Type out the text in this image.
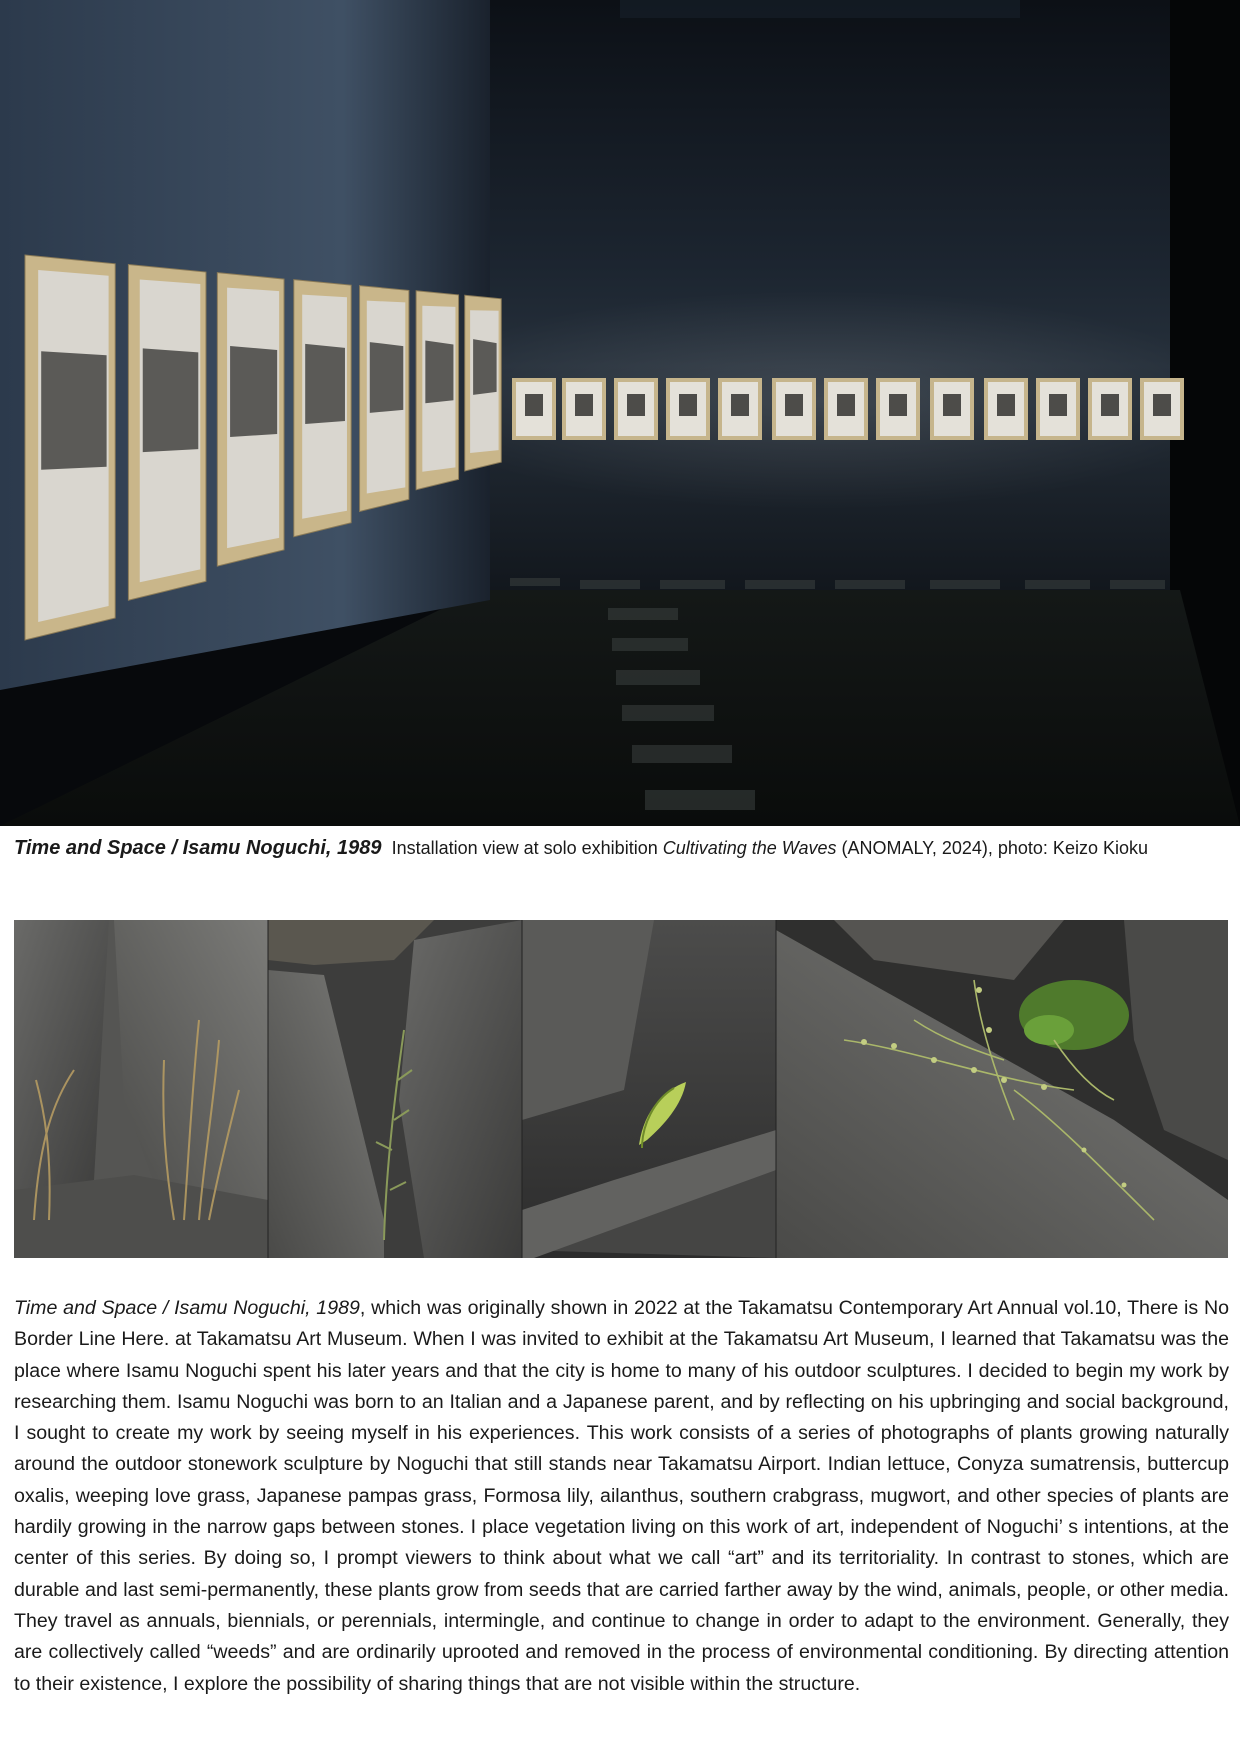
Time and Space / Isamu Noguchi, 1989 Installation view at solo exhibition Cultivating the Waves (ANOMALY, 2024), photo: Keizo Kioku
Time and Space / Isamu Noguchi, 1989, which was originally shown in 2022 at the Takamatsu Contemporary Art Annual vol.10, There is No Border Line Here. at Takamatsu Art Museum. When I was invited to exhibit at the Takamatsu Art Museum, I learned that Takamatsu was the place where Isamu Noguchi spent his later years and that the city is home to many of his outdoor sculptures. I decided to begin my work by researching them. Isamu Noguchi was born to an Italian and a Japanese parent, and by reflecting on his upbringing and social background, I sought to create my work by seeing myself in his experiences. This work consists of a series of photographs of plants growing naturally around the outdoor stonework sculpture by Noguchi that still stands near Takamatsu Airport. Indian lettuce, Conyza sumatrensis, buttercup oxalis, weeping love grass, Japanese pampas grass, Formosa lily, ailanthus, southern crabgrass, mugwort, and other species of plants are hardily growing in the narrow gaps between stones. I place vegetation living on this work of art, independent of Noguchi’ s intentions, at the center of this series. By doing so, I prompt viewers to think about what we call “art” and its territoriality. In contrast to stones, which are durable and last semi-permanently, these plants grow from seeds that are carried farther away by the wind, animals, people, or other media. They travel as annuals, biennials, or perennials, intermingle, and continue to change in order to adapt to the environment. Generally, they are collectively called “weeds” and are ordinarily uprooted and removed in the process of environmental conditioning. By directing attention to their existence, I explore the possibility of sharing things that are not visible within the structure.
